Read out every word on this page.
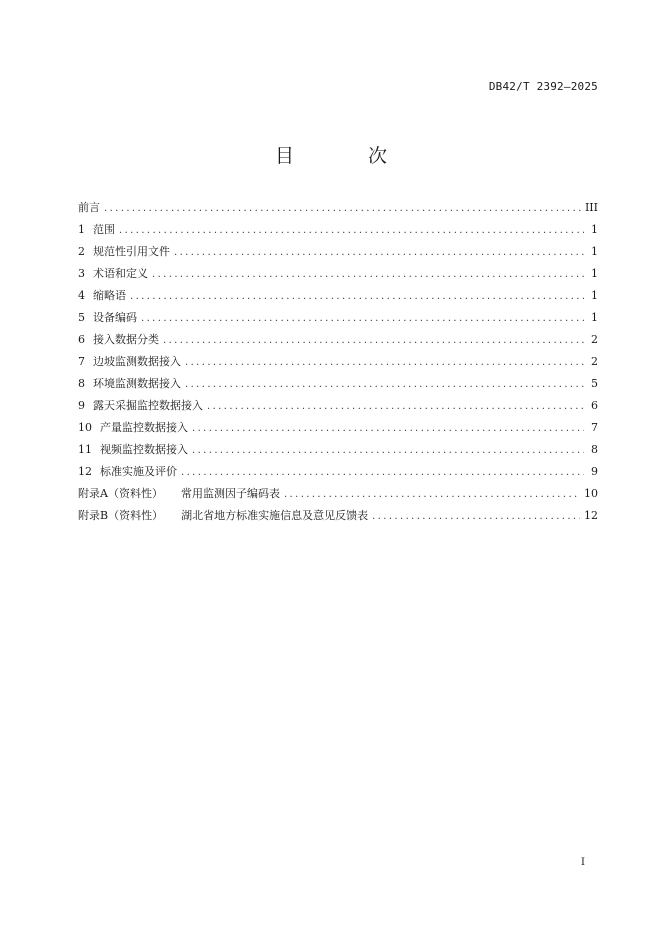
DB42/T 2392—2025
目 次
前言 .....	III
1 范围 .....	1
2 规范性引用文件 .....	1
3 术语和定义 .....	1
4 缩略语 .....	1
5 设备编码 .....	1
6 接入数据分类 .....	2
7 边坡监测数据接入 .....	2
8 环境监测数据接入 .....	5
9 露天采掘监控数据接入 .....	6
10 产量监控数据接入 .....	7
11 视频监控数据接入 .....	8
12 标准实施及评价 .....	9
附录A（资料性） 常用监测因子编码表 .....	10
附录B（资料性） 湖北省地方标准实施信息及意见反馈表 .....	12
I
